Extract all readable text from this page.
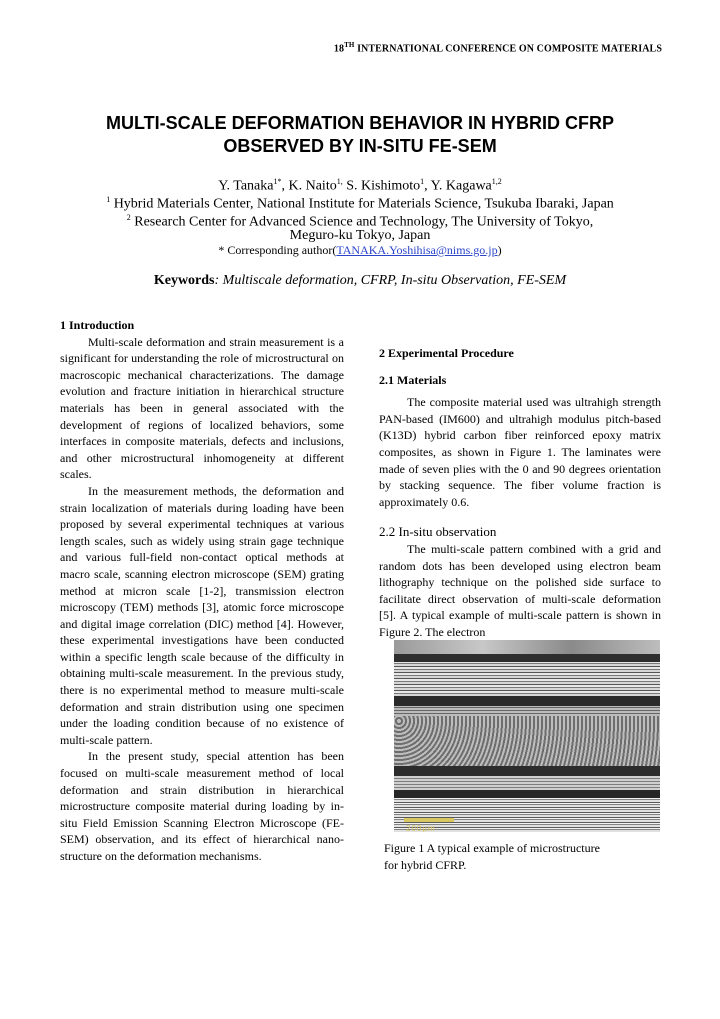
18TH INTERNATIONAL CONFERENCE ON COMPOSITE MATERIALS
MULTI-SCALE DEFORMATION BEHAVIOR IN HYBRID CFRP
OBSERVED BY IN-SITU FE-SEM
Y. Tanaka$^{1*}$, K. Naito$^{1,}$ S. Kishimoto$^1$, Y. Kagawa$^{1,2}$
$^1$ Hybrid Materials Center, National Institute for Materials Science, Tsukuba Ibaraki, Japan
$^2$ Research Center for Advanced Science and Technology, The University of Tokyo,
Meguro-ku Tokyo, Japan
* Corresponding author(TANAKA.Yoshihisa@nims.go.jp)
Keywords: Multiscale deformation, CFRP, In-situ Observation, FE-SEM
1 Introduction

Multi-scale deformation and strain measurement is a significant for understanding the role of microstructural on macroscopic mechanical characterizations. The damage evolution and fracture initiation in hierarchical structure materials has been in general associated with the development of regions of localized behaviors, some interfaces in composite materials, defects and inclusions, and other microstructural inhomogeneity at different scales.

In the measurement methods, the deformation and strain localization of materials during loading have been proposed by several experimental techniques at various length scales, such as widely using strain gage technique and various full-field non-contact optical methods at macro scale, scanning electron microscope (SEM) grating method at micron scale [1-2], transmission electron microscopy (TEM) methods [3], atomic force microscope and digital image correlation (DIC) method [4]. However, these experimental investigations have been conducted within a specific length scale because of the difficulty in obtaining multi-scale measurement. In the previous study, there is no experimental method to measure multi-scale deformation and strain distribution using one specimen under the loading condition because of no existence of multi-scale pattern.

In the present study, special attention has been focused on multi-scale measurement method of local deformation and strain distribution in hierarchical microstructure composite material during loading by in-situ Field Emission Scanning Electron Microscope (FE-SEM) observation, and its effect of hierarchical nano-structure on the deformation mechanisms.

2 Experimental Procedure
2.1 Materials

The composite material used was ultrahigh strength PAN-based (IM600) and ultrahigh modulus pitch-based (K13D) hybrid carbon fiber reinforced epoxy matrix composites, as shown in Figure 1. The laminates were made of seven plies with the 0 and 90 degrees orientation by stacking sequence. The fiber volume fraction is approximately 0.6.

2.2 In-situ observation

The multi-scale pattern combined with a grid and random dots has been developed using electron beam lithography technique on the polished side surface to facilitate direct observation of multi-scale deformation [5]. A typical example of multi-scale pattern is shown in Figure 2. The electron

200µm
Figure 1 A typical example of microstructure
for hybrid CFRP.
